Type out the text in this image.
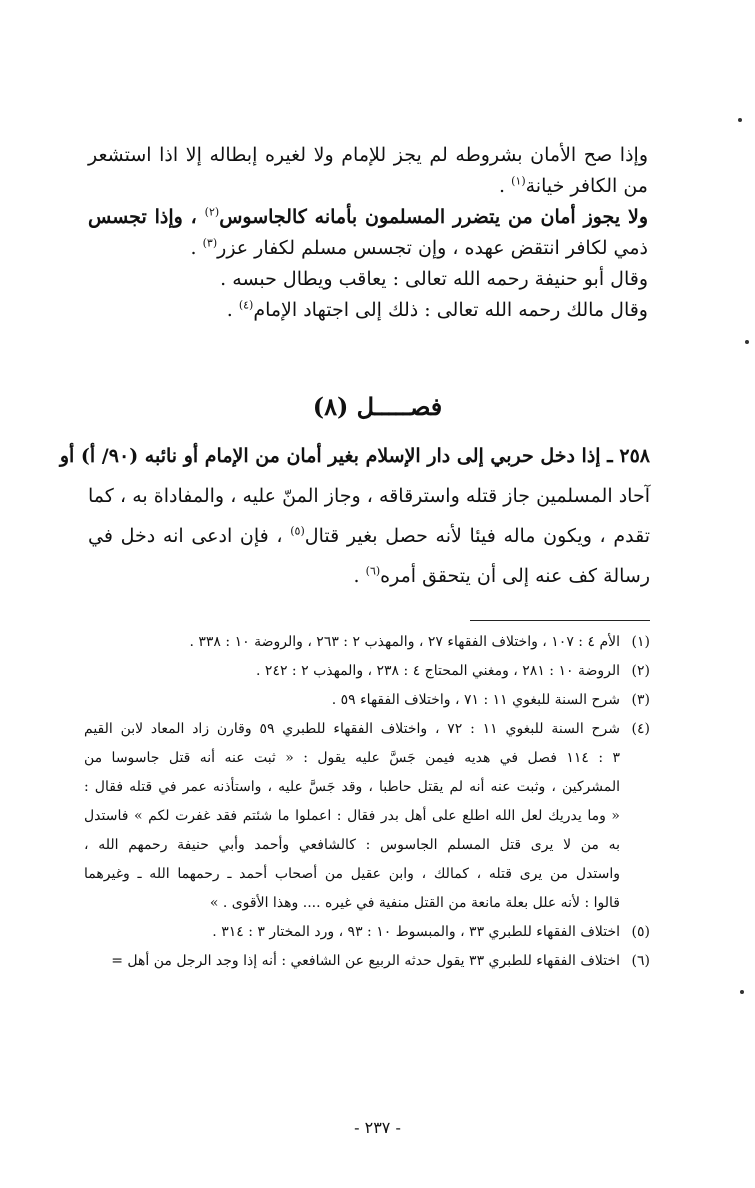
وإذا صح الأمان بشروطه لم يجز للإمام ولا لغيره إبطاله إلا اذا استشعر
من الكافر خيانة$^{(١)}$ .
ولا يجوز أمان من يتضرر المسلمون بأمانه كالجاسوس$^{(٢)}$ ، وإذا تجسس
ذمي لكافر انتقض عهده ، وإن تجسس مسلم لكفار عزر$^{(٣)}$ .
وقال أبو حنيفة رحمه الله تعالى : يعاقب ويطال حبسه .
وقال مالك رحمه الله تعالى : ذلك إلى اجتهاد الإمام$^{(٤)}$ .
فصـــــل (٨)
٢٥٨ ـ إذا دخل حربي إلى دار الإسلام بغير أمان من الإمام أو نائبه (٩٠/ أ) أو
آحاد المسلمين جاز قتله واسترقاقه ، وجاز المنّ عليه ، والمفاداة به ، كما
تقدم ، ويكون ماله فيئا لأنه حصل بغير قتال$^{(٥)}$ ، فإن ادعى انه دخل في
رسالة كف عنه إلى أن يتحقق أمره$^{(٦)}$ .
(١)
الأم ٤ : ١٠٧ ، واختلاف الفقهاء ٢٧ ، والمهذب ٢ : ٢٦٣ ، والروضة ١٠ : ٣٣٨ .
(٢)
الروضة ١٠ : ٢٨١ ، ومغني المحتاج ٤ : ٢٣٨ ، والمهذب ٢ : ٢٤٢ .
(٣)
شرح السنة للبغوي ١١ : ٧١ ، واختلاف الفقهاء ٥٩ .
(٤)
شرح السنة للبغوي ١١ : ٧٢ ، واختلاف الفقهاء للطبري ٥٩ وقارن زاد المعاد لابن القيم
٣ : ١١٤ فصل في هديه فيمن جَسَّ عليه يقول : « ثبت عنه أنه قتل جاسوسا من
المشركين ، وثبت عنه أنه لم يقتل حاطبا ، وقد جَسَّ عليه ، واستأذنه عمر في قتله فقال :
« وما يدريك لعل الله اطلع على أهل بدر فقال : اعملوا ما شئتم فقد غفرت لكم » فاستدل
به من لا يرى قتل المسلم الجاسوس : كالشافعي وأحمد وأبي حنيفة رحمهم الله ،
واستدل من يرى قتله ، كمالك ، وابن عقيل من أصحاب أحمد ـ رحمهما الله ـ وغيرهما
قالوا : لأنه علل بعلة مانعة من القتل منفية في غيره .... وهذا الأقوى . »
(٥)
اختلاف الفقهاء للطبري ٣٣ ، والمبسوط ١٠ : ٩٣ ، ورد المختار ٣ : ٣١٤ .
(٦)
اختلاف الفقهاء للطبري ٣٣ يقول حدثه الربيع عن الشافعي : أنه إذا وجد الرجل من أهل =
- ٢٣٧ -
